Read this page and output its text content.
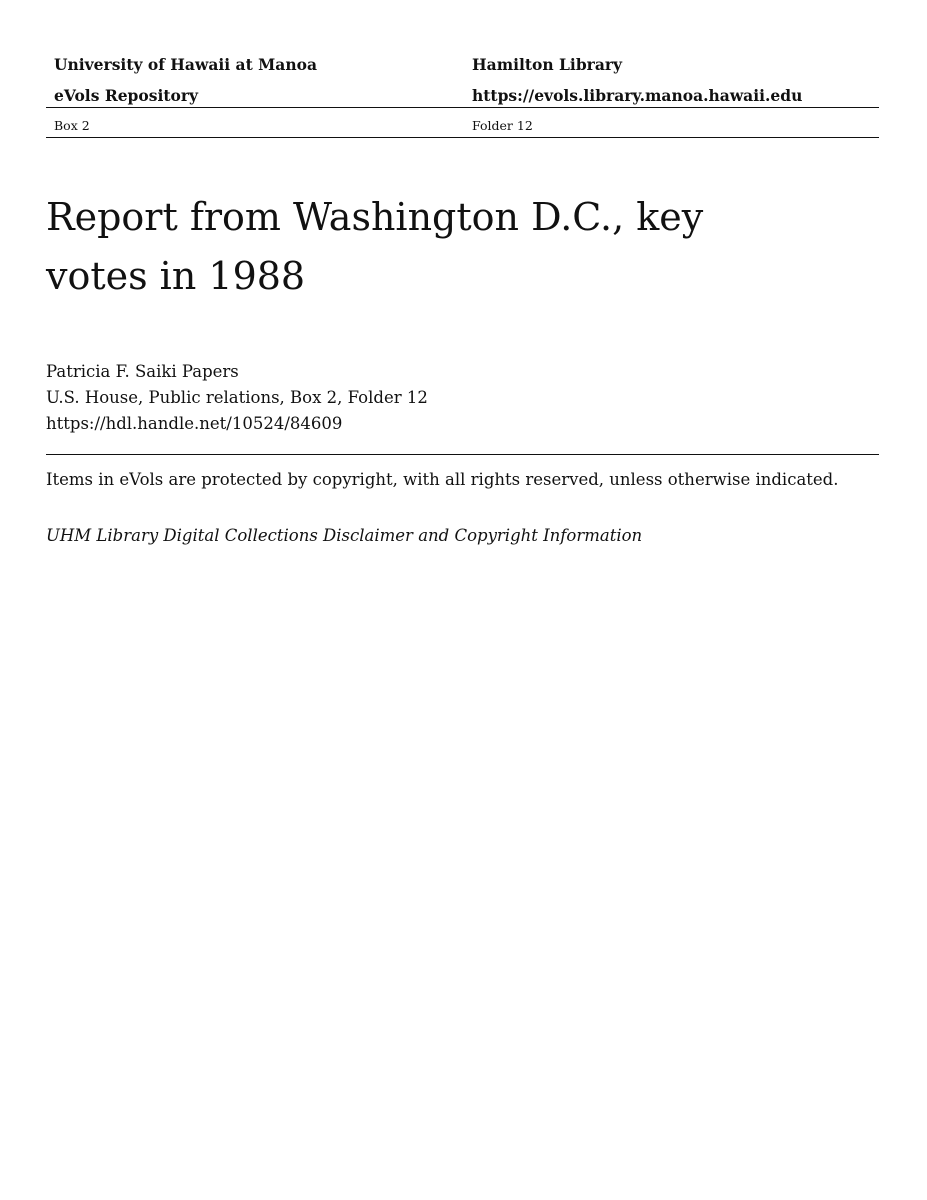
University of Hawaii at Manoa	Hamilton Library
eVols Repository	https://evols.library.manoa.hawaii.edu
Box 2	Folder 12
Report from Washington D.C., key votes in 1988
Patricia F. Saiki Papers
U.S. House, Public relations, Box 2, Folder 12
https://hdl.handle.net/10524/84609
Items in eVols are protected by copyright, with all rights reserved, unless otherwise indicated.
UHM Library Digital Collections Disclaimer and Copyright Information
